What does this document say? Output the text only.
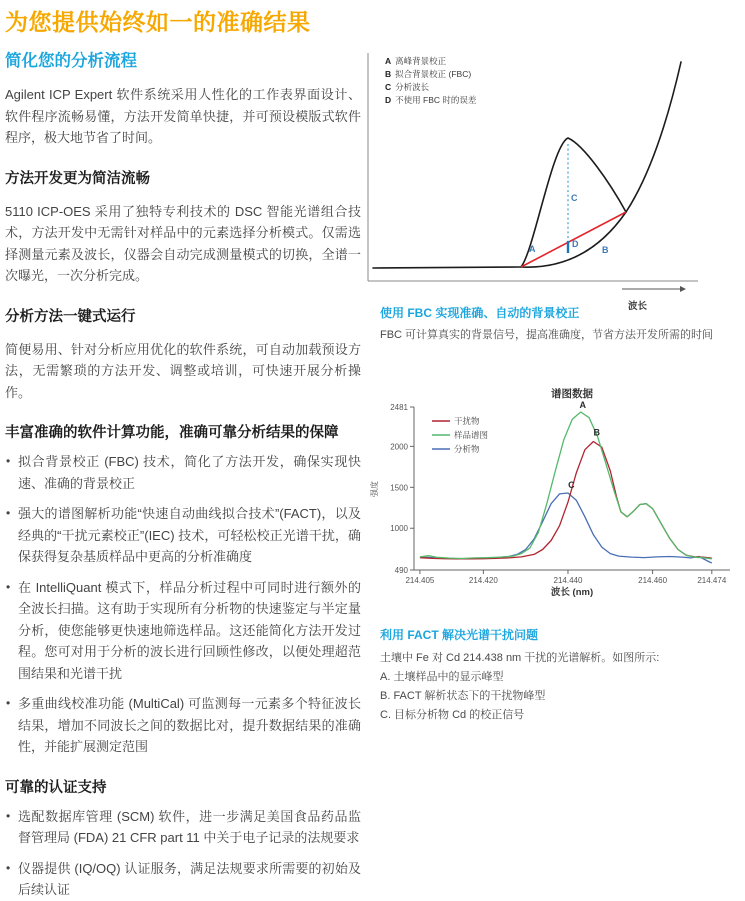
为您提供始终如一的准确结果
简化您的分析流程

Agilent ICP Expert 软件系统采用人性化的工作表界面设计、软件程序流畅易懂，方法开发简单快捷，并可预设模版式软件程序，极大地节省了时间。

方法开发更为简洁流畅

5110 ICP-OES 采用了独特专利技术的 DSC 智能光谱组合技术，方法开发中无需针对样品中的元素选择分析模式。仅需选择测量元素及波长，仪器会自动完成测量模式的切换，全谱一次曝光，一次分析完成。

分析方法一键式运行

简便易用、针对分析应用优化的软件系统，可自动加载预设方法，无需繁琐的方法开发、调整或培训，可快速开展分析操作。

丰富准确的软件计算功能，准确可靠分析结果的保障
• 拟合背景校正 (FBC) 技术，简化了方法开发，确保实现快速、准确的背景校正
• 强大的谱图解析功能“快速自动曲线拟合技术”(FACT)，以及经典的“干扰元素校正”(IEC) 技术，可轻松校正光谱干扰，确保获得复杂基质样品中更高的分析准确度
• 在 IntelliQuant 模式下，样品分析过程中可同时进行额外的全波长扫描。这有助于实现所有分析物的快速鉴定与半定量分析，使您能够更快速地筛选样品。这还能简化方法开发过程。您可对用于分析的波长进行回顾性修改，以便处理超范围结果和光谱干扰
• 多重曲线校准功能 (MultiCal) 可监测每一元素多个特征波长结果，增加不同波长之间的数据比对，提升数据结果的准确性，并能扩展测定范围
可靠的认证支持
• 选配数据库管理 (SCM) 软件，进一步满足美国食品药品监督管理局 (FDA) 21 CFR part 11 中关于电子记录的法规要求
• 仪器提供 (IQ/OQ) 认证服务，满足法规要求所需要的初始及后续认证
A	D
B
C
波长
A 离峰背景校正
B 拟合背景校正 (FBC)
C 分析波长
D 不使用 FBC 时的误差
使用 FBC 实现准确、自动的背景校正
FBC 可计算真实的背景信号，提高准确度，节省方法开发所需的时间
谱图数据
波长 (nm)
强度
490
1000
1500
2000
2481
214.405	214.420	214.440	214.460	214.474
干扰物
样品谱图
分析物
A
B
C
利用 FACT 解决光谱干扰问题
土壤中 Fe 对 Cd 214.438 nm 干扰的光谱解析。如图所示:
A. 土壤样品中的显示峰型
B. FACT 解析状态下的干扰物峰型
C. 目标分析物 Cd 的校正信号
